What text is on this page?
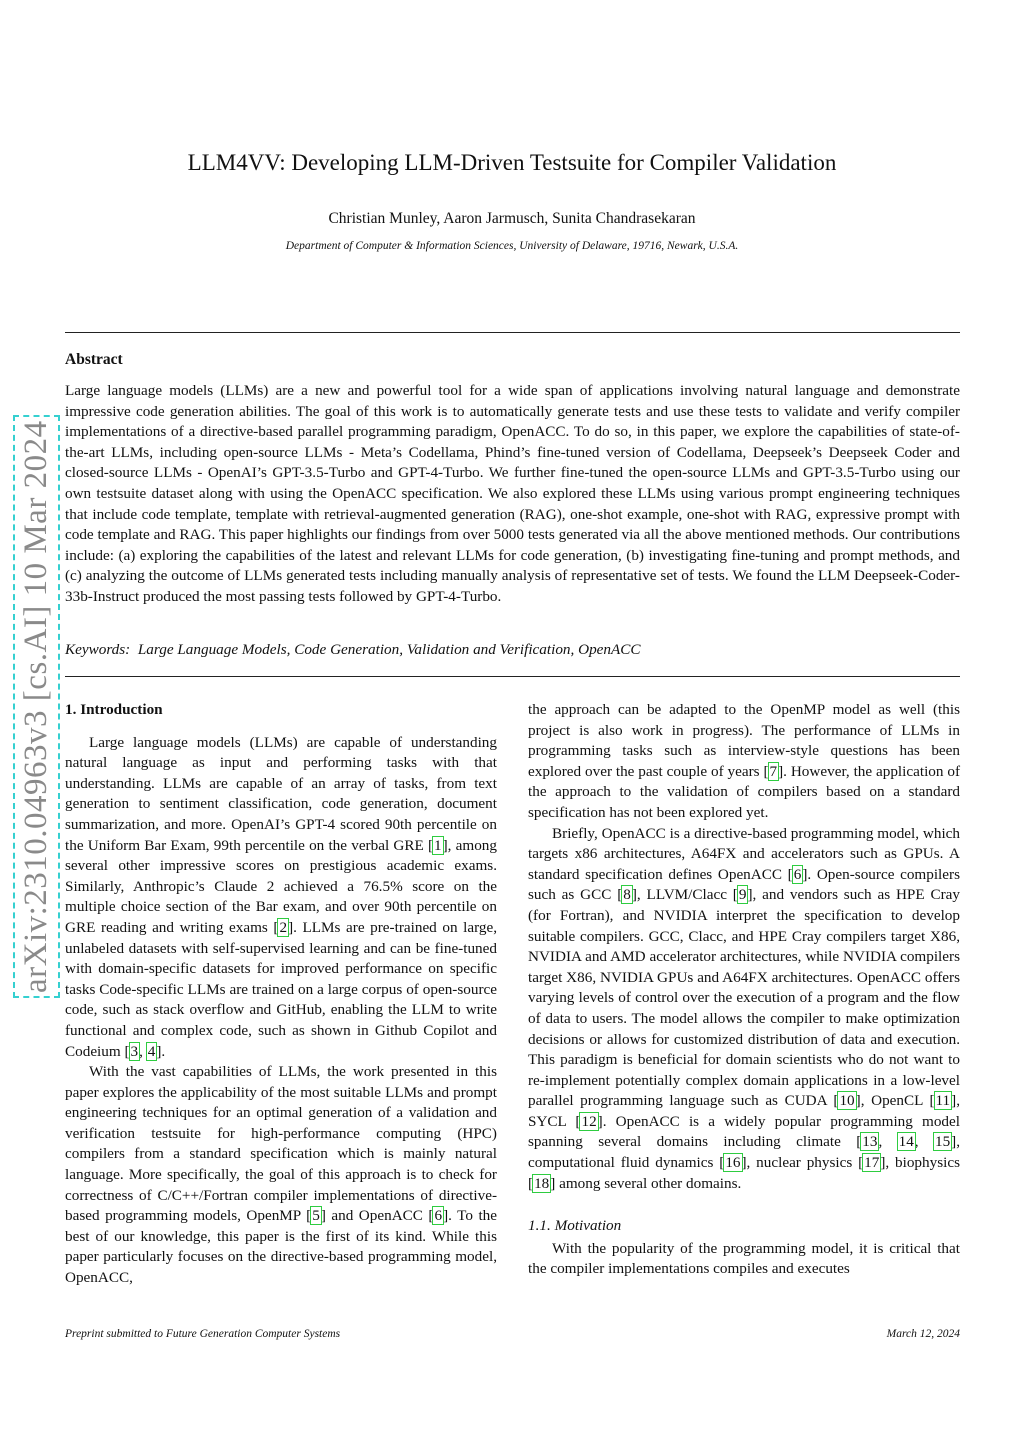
arXiv:2310.04963v3 [cs.AI] 10 Mar 2024
LLM4VV: Developing LLM-Driven Testsuite for Compiler Validation
Christian Munley, Aaron Jarmusch, Sunita Chandrasekaran
Department of Computer & Information Sciences, University of Delaware, 19716, Newark, U.S.A.
Abstract
Large language models (LLMs) are a new and powerful tool for a wide span of applications involving natural language and demonstrate impressive code generation abilities. The goal of this work is to automatically generate tests and use these tests to validate and verify compiler implementations of a directive-based parallel programming paradigm, OpenACC. To do so, in this paper, we explore the capabilities of state-of-the-art LLMs, including open-source LLMs - Meta’s Codellama, Phind’s fine-tuned version of Codellama, Deepseek’s Deepseek Coder and closed-source LLMs - OpenAI’s GPT-3.5-Turbo and GPT-4-Turbo. We further fine-tuned the open-source LLMs and GPT-3.5-Turbo using our own testsuite dataset along with using the OpenACC specification. We also explored these LLMs using various prompt engineering techniques that include code template, template with retrieval-augmented generation (RAG), one-shot example, one-shot with RAG, expressive prompt with code template and RAG. This paper highlights our findings from over 5000 tests generated via all the above mentioned methods. Our contributions include: (a) exploring the capabilities of the latest and relevant LLMs for code generation, (b) investigating fine-tuning and prompt methods, and (c) analyzing the outcome of LLMs generated tests including manually analysis of representative set of tests. We found the LLM Deepseek-Coder-33b-Instruct produced the most passing tests followed by GPT-4-Turbo.
Keywords: Large Language Models, Code Generation, Validation and Verification, OpenACC
1. Introduction

Large language models (LLMs) are capable of understanding natural language as input and performing tasks with that understanding. LLMs are capable of an array of tasks, from text generation to sentiment classification, code generation, document summarization, and more. OpenAI’s GPT-4 scored 90th percentile on the Uniform Bar Exam, 99th percentile on the verbal GRE [1], among several other impressive scores on prestigious academic exams. Similarly, Anthropic’s Claude 2 achieved a 76.5% score on the multiple choice section of the Bar exam, and over 90th percentile on GRE reading and writing exams [2]. LLMs are pre-trained on large, unlabeled datasets with self-supervised learning and can be fine-tuned with domain-specific datasets for improved performance on specific tasks Code-specific LLMs are trained on a large corpus of open-source code, such as stack overflow and GitHub, enabling the LLM to write functional and complex code, such as shown in Github Copilot and Codeium [3, 4].

With the vast capabilities of LLMs, the work presented in this paper explores the applicability of the most suitable LLMs and prompt engineering techniques for an optimal generation of a validation and verification testsuite for high-performance computing (HPC) compilers from a standard specification which is mainly natural language. More specifically, the goal of this approach is to check for correctness of C/C++/Fortran compiler implementations of directive-based programming models, OpenMP [5] and OpenACC [6]. To the best of our knowledge, this paper is the first of its kind. While this paper particularly focuses on the directive-based programming model, OpenACC,

the approach can be adapted to the OpenMP model as well (this project is also work in progress). The performance of LLMs in programming tasks such as interview-style questions has been explored over the past couple of years [7]. However, the application of the approach to the validation of compilers based on a standard specification has not been explored yet.

Briefly, OpenACC is a directive-based programming model, which targets x86 architectures, A64FX and accelerators such as GPUs. A standard specification defines OpenACC [6]. Open-source compilers such as GCC [8], LLVM/Clacc [9], and vendors such as HPE Cray (for Fortran), and NVIDIA interpret the specification to develop suitable compilers. GCC, Clacc, and HPE Cray compilers target X86, NVIDIA and AMD accelerator architectures, while NVIDIA compilers target X86, NVIDIA GPUs and A64FX architectures. OpenACC offers varying levels of control over the execution of a program and the flow of data to users. The model allows the compiler to make optimization decisions or allows for customized distribution of data and execution. This paradigm is beneficial for domain scientists who do not want to re-implement potentially complex domain applications in a low-level parallel programming language such as CUDA [10], OpenCL [11], SYCL [12]. OpenACC is a widely popular programming model spanning several domains including climate [13, 14, 15], computational fluid dynamics [16], nuclear physics [17], biophysics [18] among several other domains.

1.1. Motivation

With the popularity of the programming model, it is critical that the compiler implementations compiles and executes

Preprint submitted to Future Generation Computer Systems	March 12, 2024
